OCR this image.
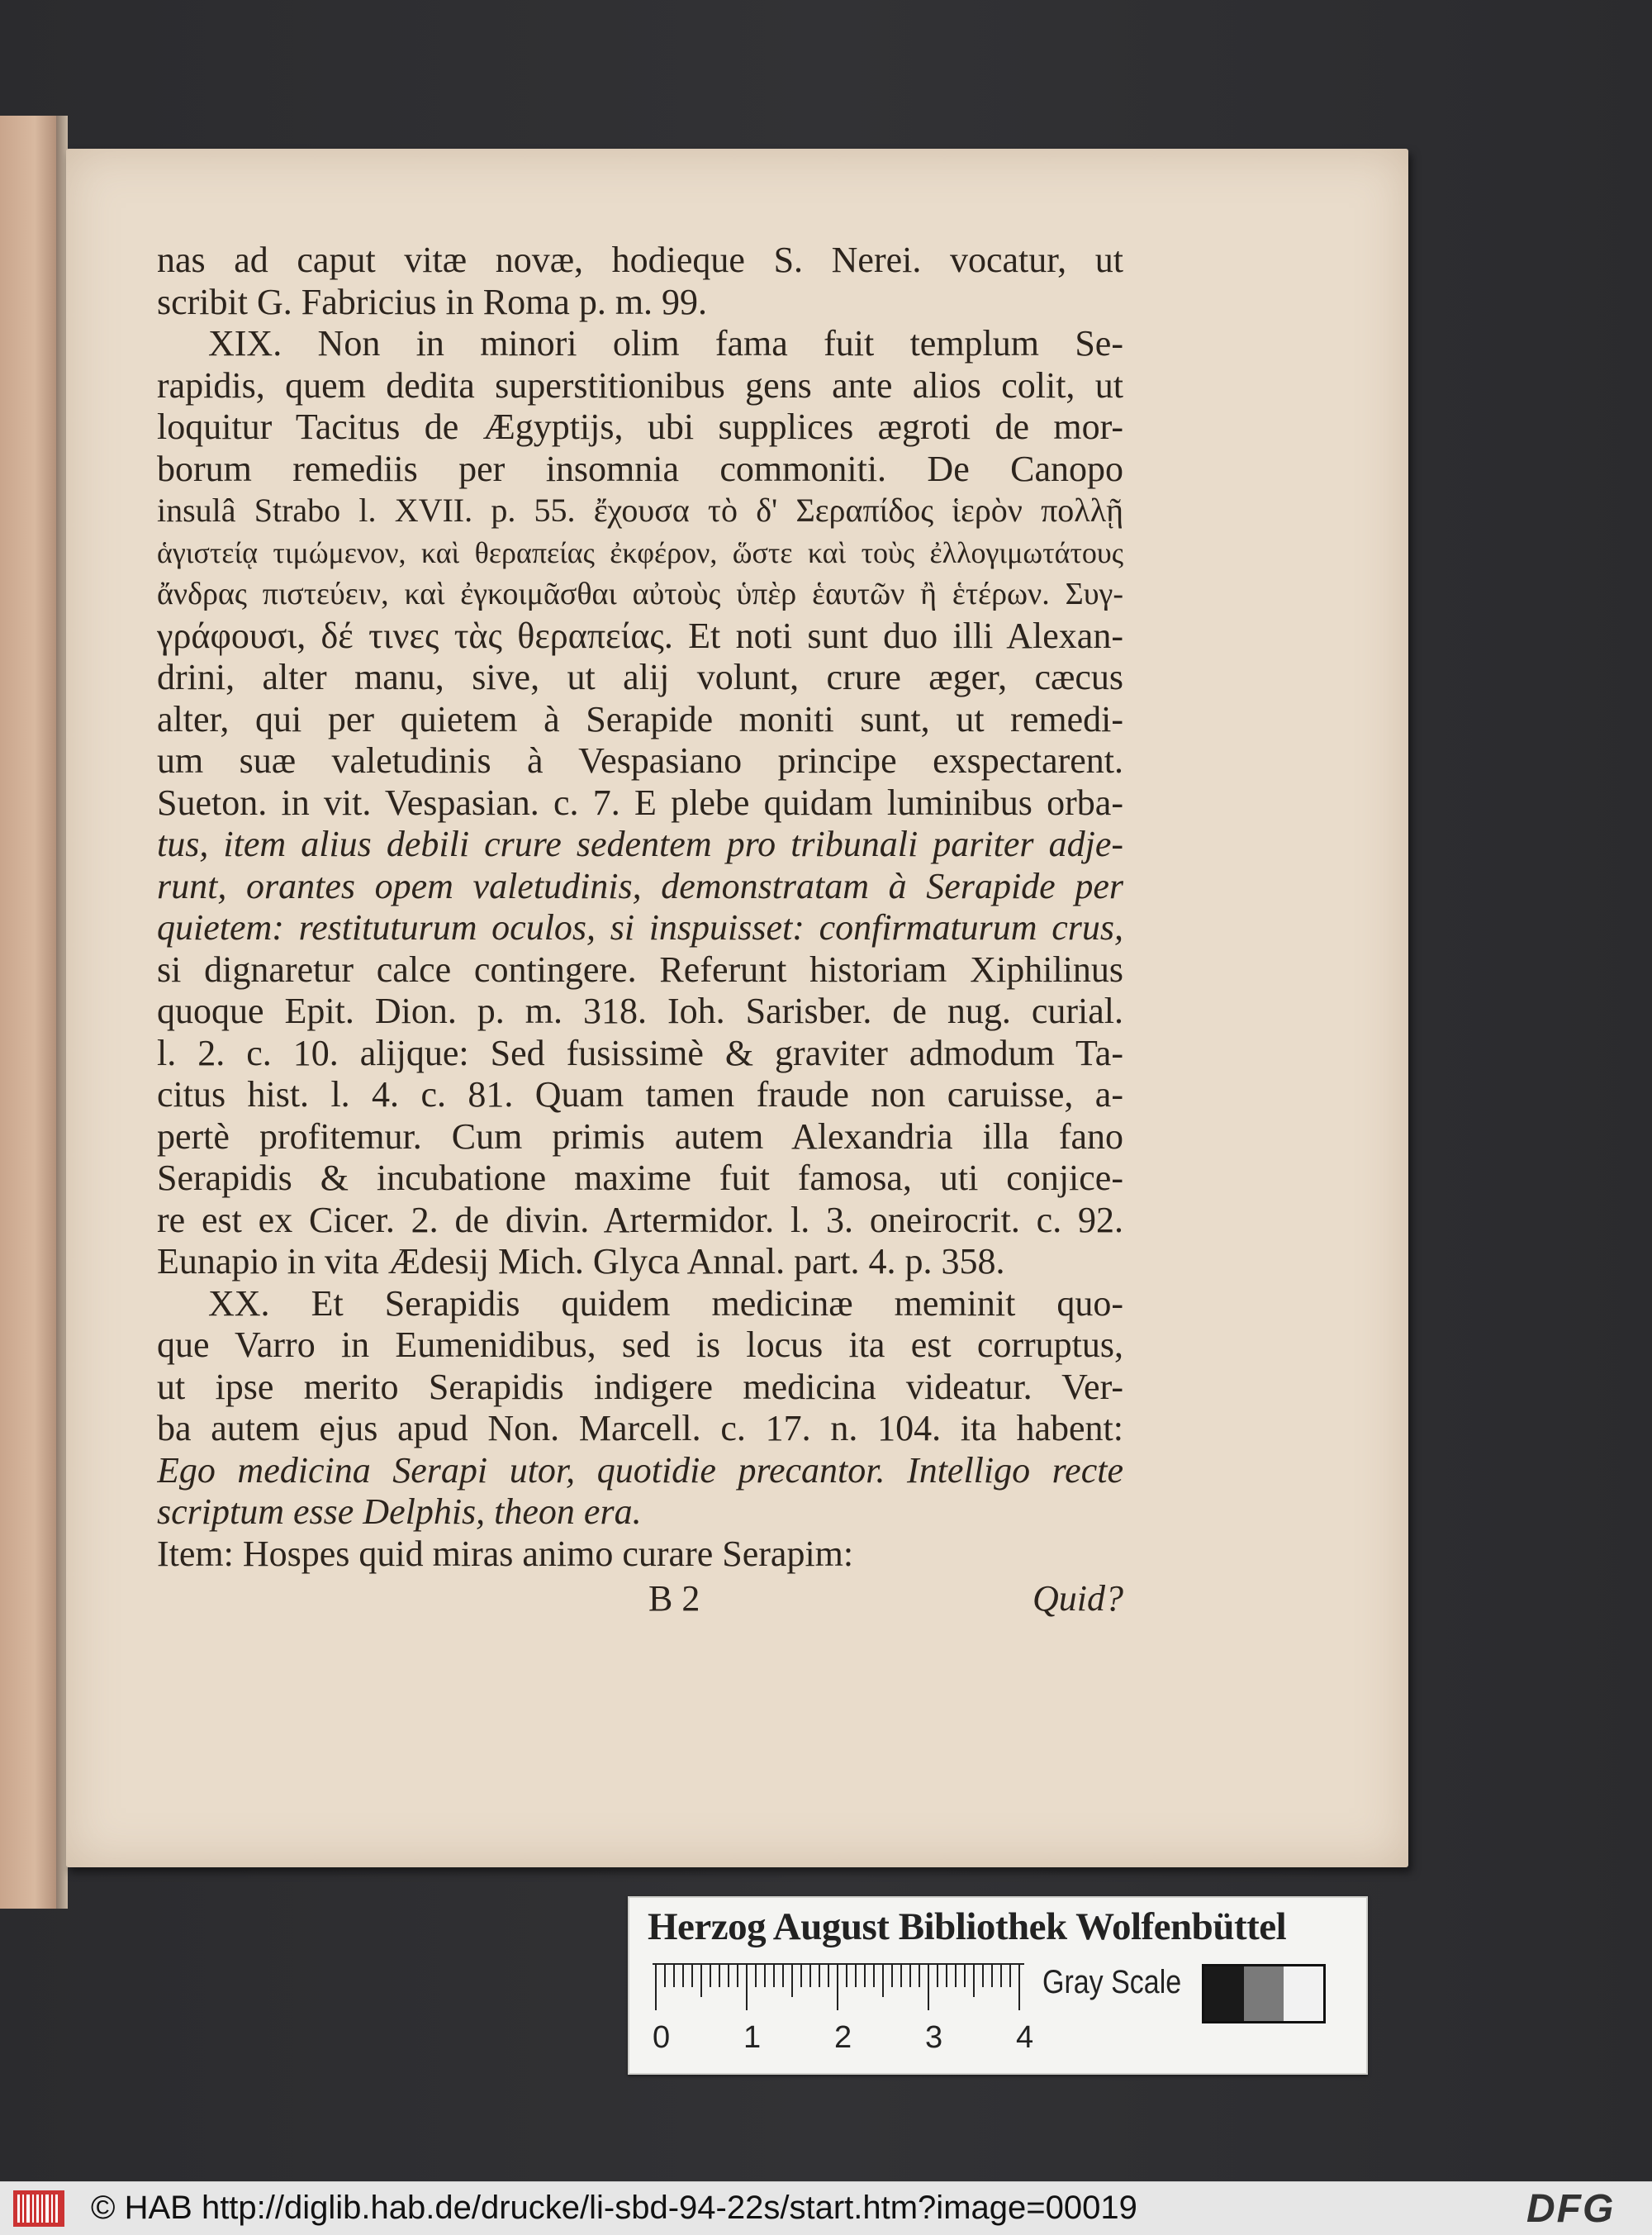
nas ad caput vitæ novæ, hodieque S. Nerei. vocatur, ut
scribit G. Fabricius in Roma p. m. 99.
XIX. Non in minori olim fama fuit templum Se-
rapidis, quem dedita superstitionibus gens ante alios colit, ut
loquitur Tacitus de Ægyptijs, ubi supplices ægroti de mor-
borum remediis per insomnia commoniti. De Canopo
insulâ Strabo l. XVII. p. 55. ἔχουσα τὸ δ' Σεραπίδος ἱερὸν πολλῇ
ἁγιστείᾳ τιμώμενον, καὶ θεραπείας ἐκφέρον, ὥστε καὶ τοὺς ἐλλογιμωτάτους
ἄνδρας πιστεύειν, καὶ ἐγκοιμᾶσθαι αὐτοὺς ὑπὲρ ἑαυτῶν ἢ ἑτέρων. Συγ-
γράφουσι, δέ τινες τὰς θεραπείας. Et noti sunt duo illi Alexan-
drini, alter manu, sive, ut alij volunt, crure æger, cæcus
alter, qui per quietem à Serapide moniti sunt, ut remedi-
um suæ valetudinis à Vespasiano principe exspectarent.
Sueton. in vit. Vespasian. c. 7. E plebe quidam luminibus orba-
tus, item alius debili crure sedentem pro tribunali pariter adje-
runt, orantes opem valetudinis, demonstratam à Serapide per
quietem: restituturum oculos, si inspuisset: confirmaturum crus,
si dignaretur calce contingere. Referunt historiam Xiphilinus
quoque Epit. Dion. p. m. 318. Ioh. Sarisber. de nug. curial.
l. 2. c. 10. alijque: Sed fusissimè & graviter admodum Ta-
citus hist. l. 4. c. 81. Quam tamen fraude non caruisse, a-
pertè profitemur. Cum primis autem Alexandria illa fano
Serapidis & incubatione maxime fuit famosa, uti conjice-
re est ex Cicer. 2. de divin. Artermidor. l. 3. oneirocrit. c. 92.
Eunapio in vita Ædesij Mich. Glyca Annal. part. 4. p. 358.
XX. Et Serapidis quidem medicinæ meminit quo-
que Varro in Eumenidibus, sed is locus ita est corruptus,
ut ipse merito Serapidis indigere medicina videatur. Ver-
ba autem ejus apud Non. Marcell. c. 17. n. 104. ita habent:
Ego medicina Serapi utor, quotidie precantor. Intelligo recte
scriptum esse Delphis, theon era.
Item: Hospes quid miras animo curare Serapim:
B 2	Quid?
Herzog August Bibliothek Wolfenbüttel
0 1 2 3 4
Gray Scale
© HAB http://diglib.hab.de/drucke/li-sbd-94-22s/start.htm?image=00019	DFG
